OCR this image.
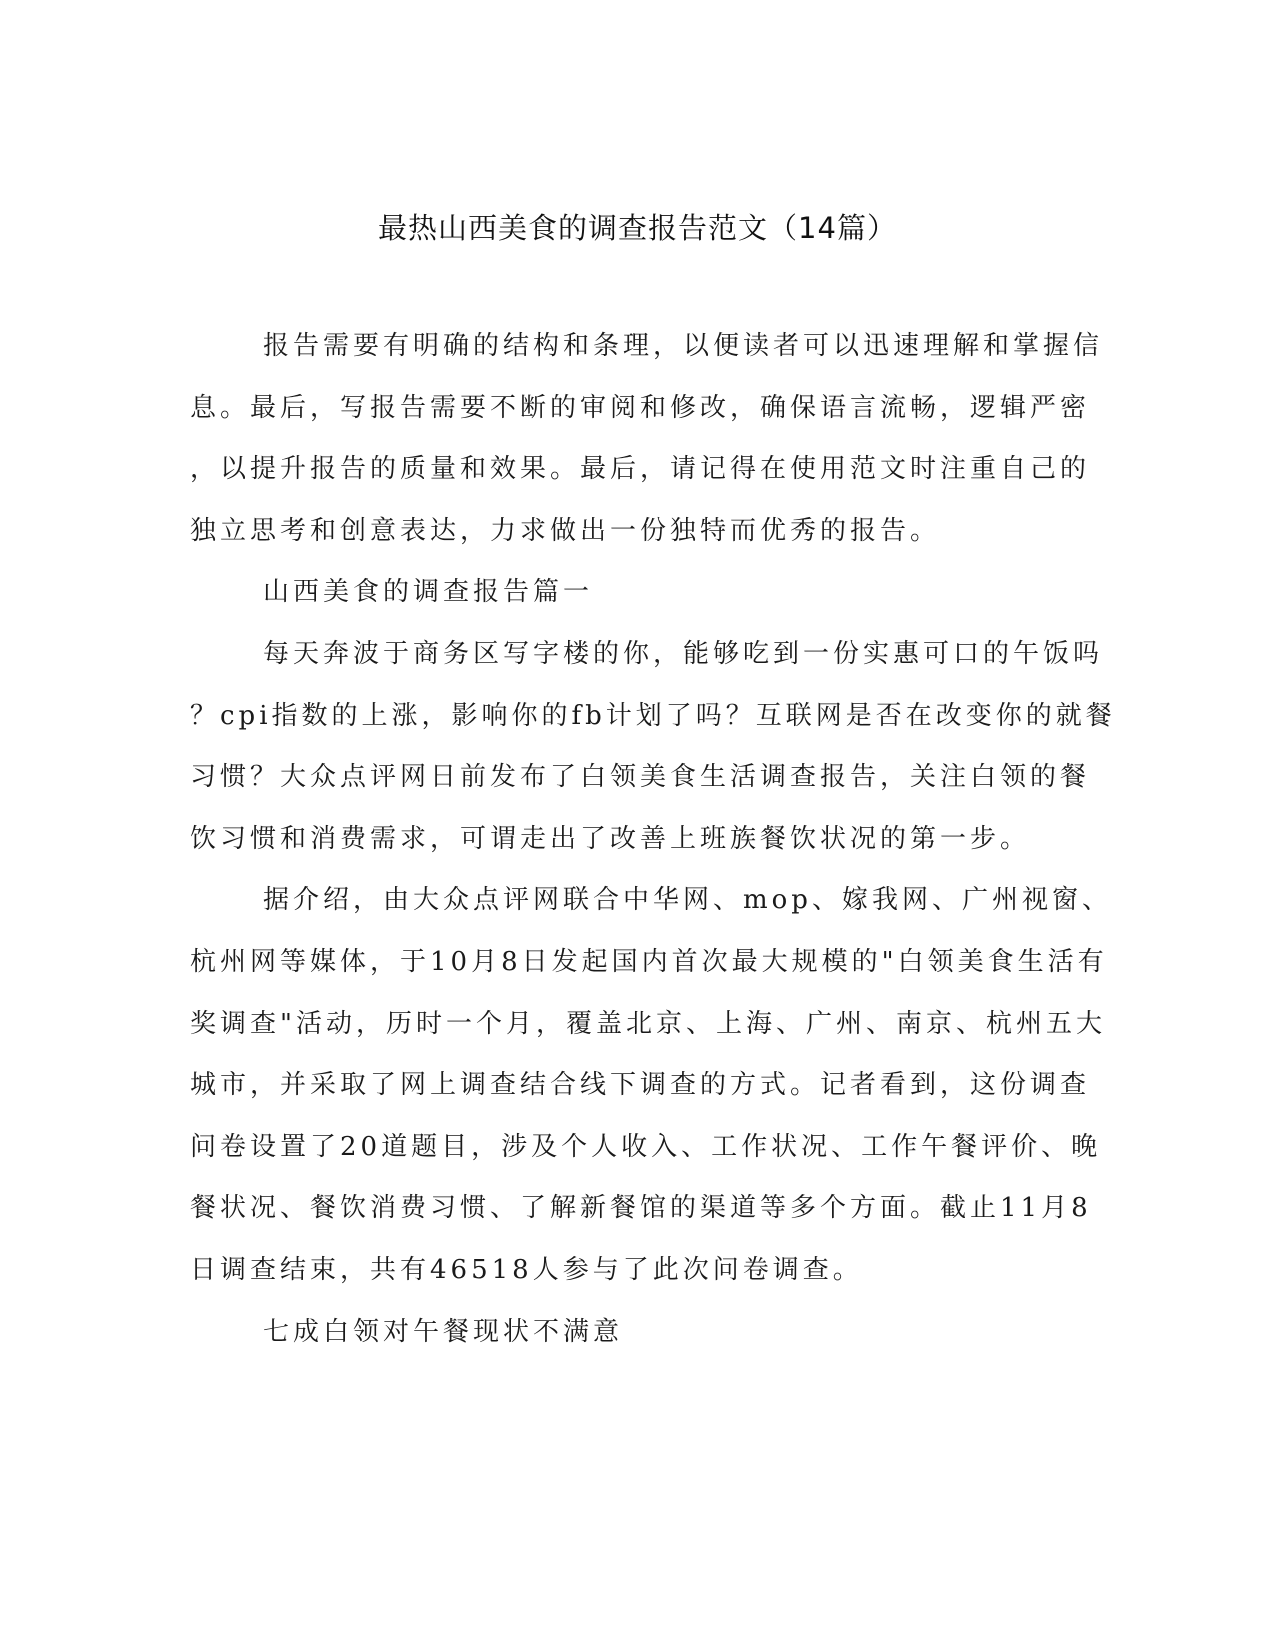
最热山西美食的调查报告范文（14篇）
报告需要有明确的结构和条理，以便读者可以迅速理解和掌握信
息。最后，写报告需要不断的审阅和修改，确保语言流畅，逻辑严密
，以提升报告的质量和效果。最后，请记得在使用范文时注重自己的
独立思考和创意表达，力求做出一份独特而优秀的报告。
山西美食的调查报告篇一
每天奔波于商务区写字楼的你，能够吃到一份实惠可口的午饭吗
？cpi指数的上涨，影响你的fb计划了吗？互联网是否在改变你的就餐
习惯？大众点评网日前发布了白领美食生活调查报告，关注白领的餐
饮习惯和消费需求，可谓走出了改善上班族餐饮状况的第一步。
据介绍，由大众点评网联合中华网、mop、嫁我网、广州视窗、
杭州网等媒体，于10月8日发起国内首次最大规模的"白领美食生活有
奖调查"活动，历时一个月，覆盖北京、上海、广州、南京、杭州五大
城市，并采取了网上调查结合线下调查的方式。记者看到，这份调查
问卷设置了20道题目，涉及个人收入、工作状况、工作午餐评价、晚
餐状况、餐饮消费习惯、了解新餐馆的渠道等多个方面。截止11月8
日调查结束，共有46518人参与了此次问卷调查。
七成白领对午餐现状不满意
